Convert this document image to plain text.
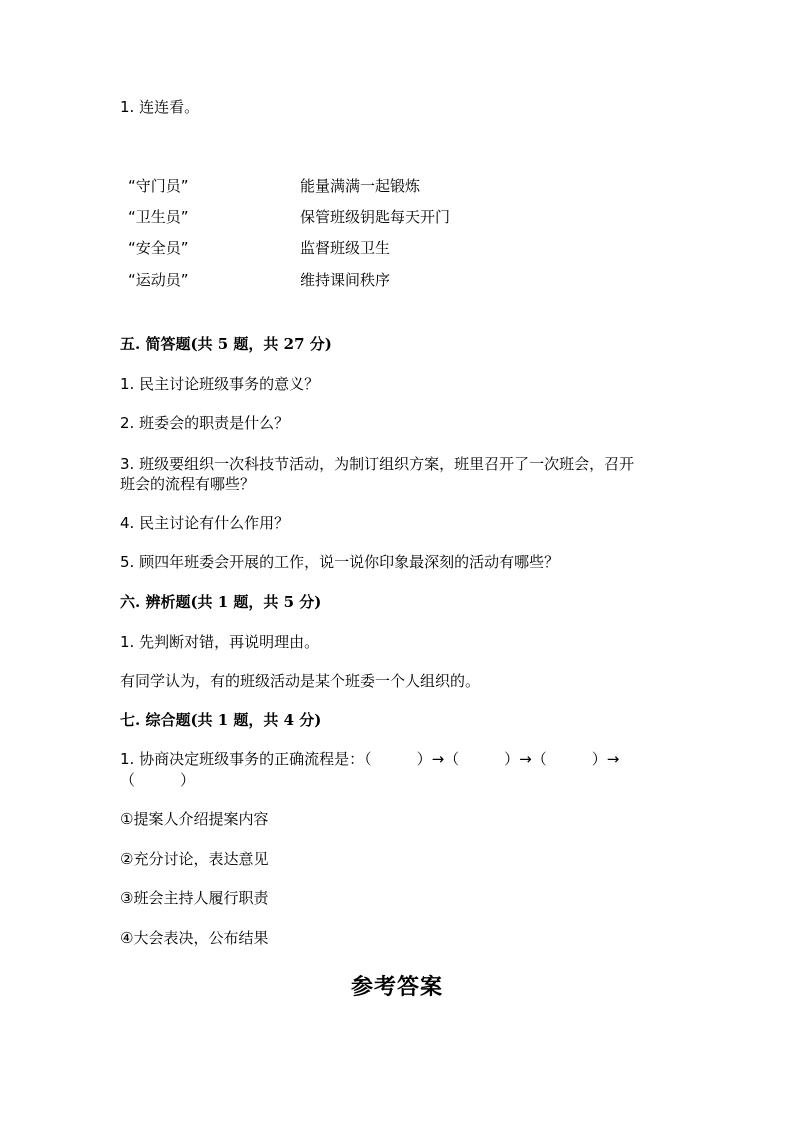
1. 连连看。
“守门员”	能量满满一起锻炼
“卫生员”	保管班级钥匙每天开门
“安全员”	监督班级卫生
“运动员”	维持课间秩序
五. 简答题(共 5 题，共 27 分)
1. 民主讨论班级事务的意义？
2. 班委会的职责是什么？
3. 班级要组织一次科技节活动，为制订组织方案，班里召开了一次班会，召开
班会的流程有哪些？
4. 民主讨论有什么作用？
5. 顾四年班委会开展的工作，说一说你印象最深刻的活动有哪些？
六. 辨析题(共 1 题，共 5 分)
1. 先判断对错，再说明理由。
有同学认为，有的班级活动是某个班委一个人组织的。
七. 综合题(共 1 题，共 4 分)
1. 协商决定班级事务的正确流程是：（　　　）→（　　　）→（　　　）→
（　　　）
①提案人介绍提案内容
②充分讨论，表达意见
③班会主持人履行职责
④大会表决，公布结果
参考答案
